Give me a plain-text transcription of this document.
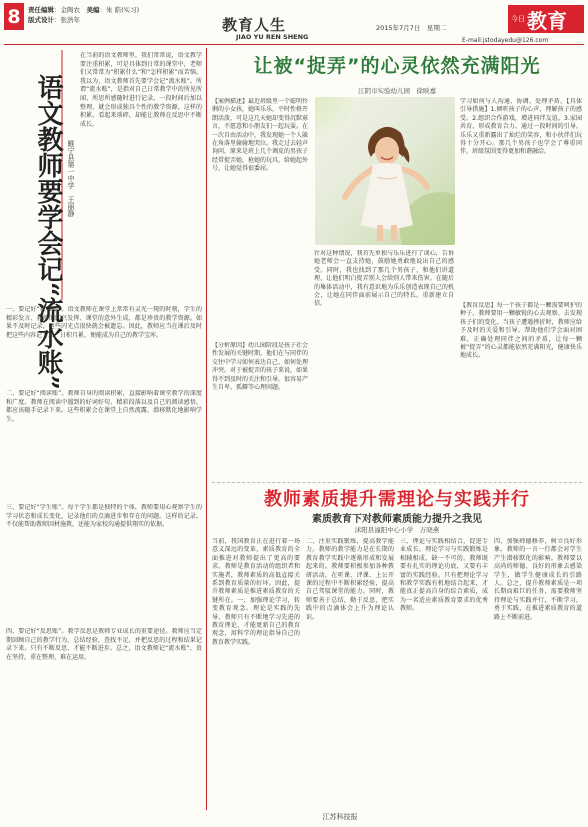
8	责任编辑：金陶农　 美编：朱 皓(实习)
版式设计：张浩年	教育人生
JIAO YU REN SHENG
2015年7月7日　星期二
E-mail:jstodayedu@126.com
今日 教育
语文教师要学会记“流水账” 睢宁县第一中学　王丽静
在当前的语文教师里，我们常常说，语文教学要注重积累，可是具体到日常的课堂中，老师们又常常为“积累什么”和“怎样积累”而苦恼。我以为，语文教师首先要学会记“流水账”。所谓“流水账”，是指对自己日常教学中的所见所闻、所思所感随时进行记录，一段时间后加以整理，就会形成独具个性的教学资源。这样的积累，看起来琐碎，却能让教师在反思中不断成长。
一、要记好“教学账”。语文教师在课堂上常常有灵光一现的时刻，学生的精彩发言、教师的即兴发挥、课堂的意外生成，都是珍贵的教学资源。如果不及时记录，这些闪光点很快就会被遗忘。因此，教师应当在课后及时把这些内容记下来，日积月累，便能成为自己的教学宝库。
二、要记好“阅读账”。教师自身的阅读积累，直接影响着课堂教学的深度和广度。教师在阅读中遇到的好词好句、精彩段落以及自己的阅读感悟，都应该随手记录下来。这些积累会在课堂上自然流露，潜移默化地影响学生。
三、要记好“学生账”。每个学生都是独特的个体，教师要用心观察学生的学习状态和成长变化，记录他们的点滴进步和存在的问题。这样的记录，不仅能帮助教师因材施教，还能为家校沟通提供翔实的依据。
四、要记好“反思账”。教学反思是教师专业成长的重要途径。教师应当定期回顾自己的教学行为，总结经验，查找不足，并把反思的过程和结果记录下来。只有不断反思，才能不断进步。总之，语文教师记“流水账”，贵在坚持，重在整理，难在运用。
让被“捉弄”的心灵依然充满阳光
江阴市实验幼儿园　徐映嘉
【案例描述】最近班级里一个聪明伶俐的小女孩，她叫乐乐，平时性格开朗活泼，可是这几天她却变得沉默寡言，不愿意和小朋友们一起玩耍。在一次自由活动中，我发现她一个人躲在角落里偷偷地哭泣。我走过去轻声询问，原来是班上几个调皮的男孩子经常捉弄她，抢她的玩具，给她起外号，让她觉得很委屈。
【分析原因】幼儿园阶段是孩子社会性发展的关键时期，他们在与同伴的交往中学习如何表达自己、如何处理冲突。对于被捉弄的孩子来说，如果得不到及时的关注和引导，很容易产生自卑、孤僻等心理问题。
针对这种情况，我首先单独与乐乐进行了谈心，告诉她老师会一直支持她，鼓励她勇敢地说出自己的感受。同时，我也找到了那几个男孩子，和他们讲道理，让他们明白捉弄别人会给别人带来伤害。在随后的集体活动中，我有意识地为乐乐创造表现自己的机会，让她在同伴面前展示自己的特长，重新建立自信。
学习如何与人沟通、协调、处理矛盾。【具体引导措施】1.倾听孩子的心声，理解孩子的感受。2.组织合作游戏，增进同伴友谊。3.家园共育，形成教育合力。通过一段时间的引导，乐乐又重新露出了灿烂的笑容，和小伙伴们玩得十分开心。那几个男孩子也学会了尊重同伴，班级氛围变得更加和谐融洽。
【教育反思】每一个孩子都是一颗需要呵护的种子，教师要用一颗敏锐的心去观察、去发现孩子们的变化。当孩子遭遇挫折时，教师应给予及时的关爱和引导，帮助他们学会面对困难，正确处理同伴之间的矛盾，让每一颗被“捉弄”的心灵都能依然充满阳光，健康快乐地成长。
教师素质提升需理论与实践并行
素质教育下对教师素质能力提升之我见
沭阳县潼阳中心小学　万晓燕
当前，我国教育正在进行着一场意义深远的变革，素质教育的全面推进对教师提出了更高的要求。教师是教育活动的组织者和实施者，教师素质的高低直接关系到教育质量的好坏。因此，提升教师素质是推进素质教育的关键所在。一、加强理论学习，转变教育观念。理论是实践的先导，教师只有不断地学习先进的教育理论，才能更新自己的教育观念，用科学的理论指导自己的教育教学实践。
二、注重实践锻炼，提高教学能力。教师的教学能力是在长期的教育教学实践中逐渐形成和发展起来的。教师要积极参加各种教研活动，在听课、评课、上公开课的过程中不断积累经验，提高自己驾驭课堂的能力。同时，教师要善于总结，勤于反思，把实践中的点滴体会上升为理论认识。
三、理论与实践相结合，促进专业成长。理论学习与实践锻炼是相辅相成、缺一不可的。教师既要有扎实的理论功底，又要有丰富的实践经验。只有把理论学习和教学实践有机地结合起来，才能真正提高自身的综合素质，成为一名适应素质教育要求的优秀教师。
四、加强师德修养，树立良好形象。教师的一言一行都会对学生产生潜移默化的影响。教师要以高尚的师德、良好的形象去感染学生，做学生健康成长的引路人。总之，提升教师素质是一项长期而艰巨的任务，需要教师坚持理论与实践并行，不断学习，勇于实践，在推进素质教育的道路上不断前进。
江苏科技报
